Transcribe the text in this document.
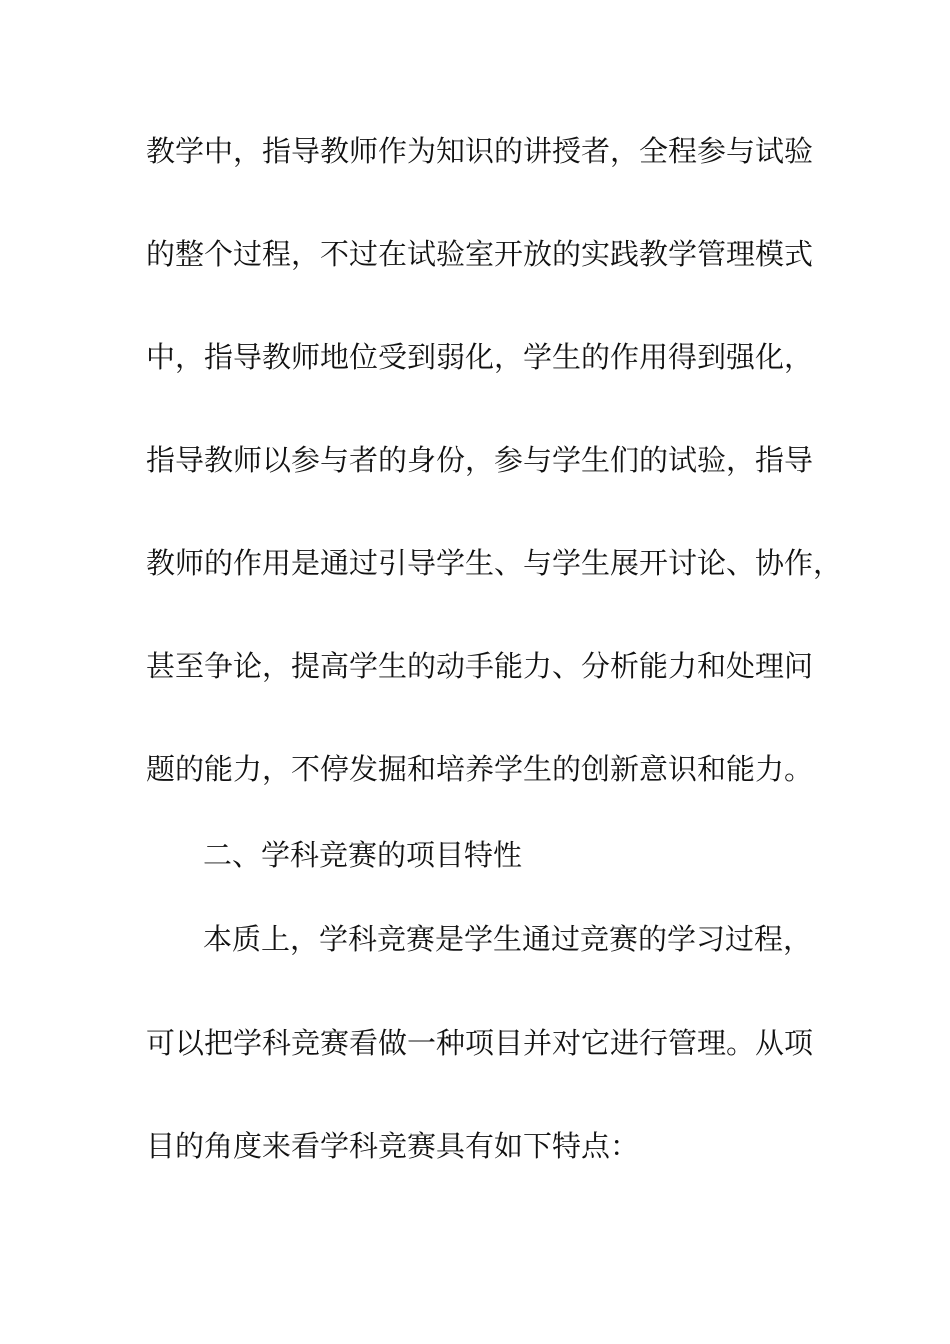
教学中，指导教师作为知识的讲授者，全程参与试验

的整个过程，不过在试验室开放的实践教学管理模式

中，指导教师地位受到弱化，学生的作用得到强化，

指导教师以参与者的身份，参与学生们的试验，指导

教师的作用是通过引导学生、与学生展开讨论、协作，

甚至争论，提高学生的动手能力、分析能力和处理问

题的能力，不停发掘和培养学生的创新意识和能力。

二、学科竞赛的项目特性

本质上，学科竞赛是学生通过竞赛的学习过程，

可以把学科竞赛看做一种项目并对它进行管理。从项

目的角度来看学科竞赛具有如下特点：
